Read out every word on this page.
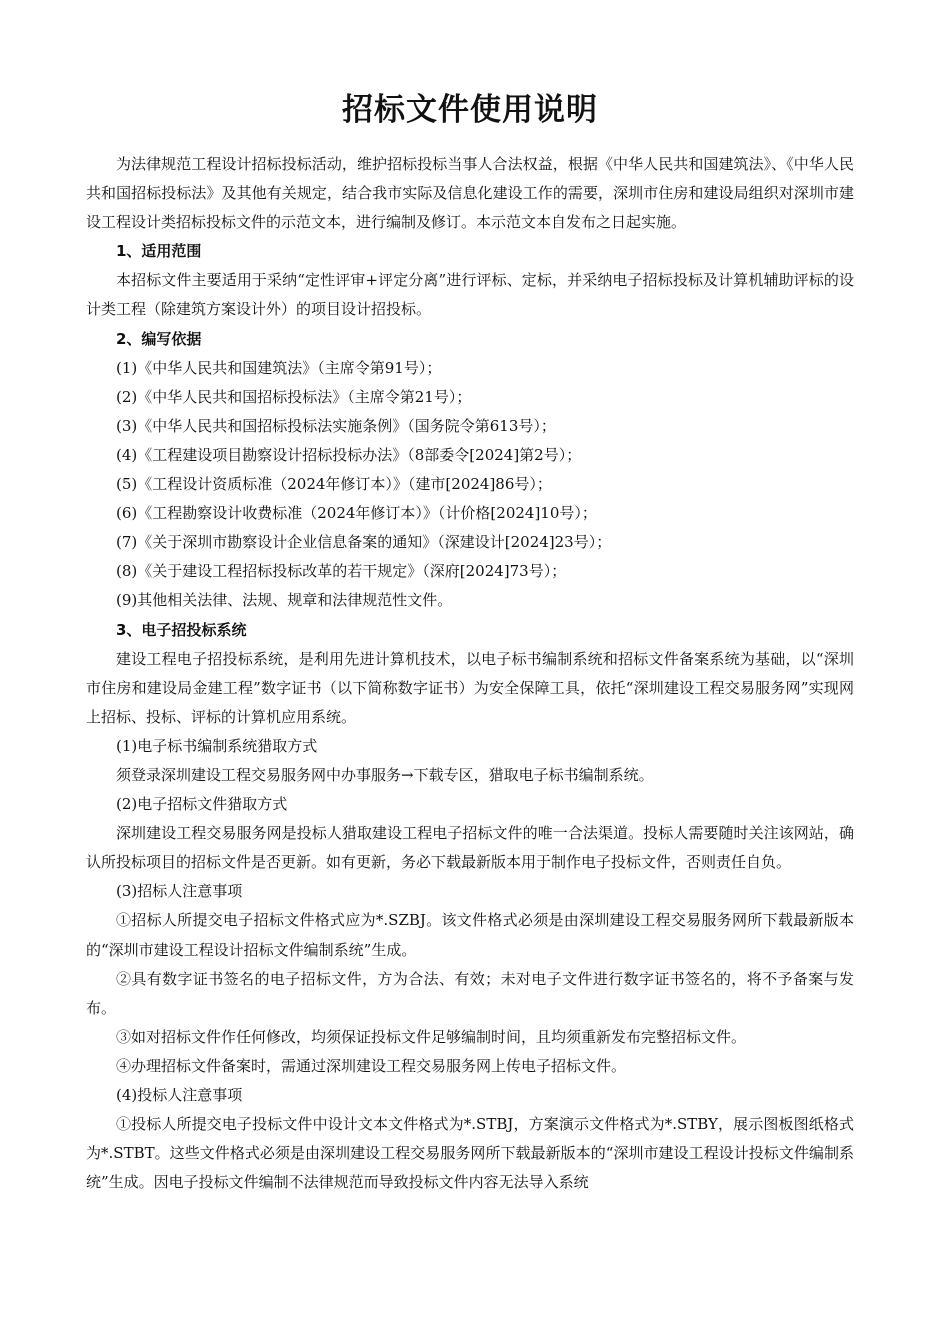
招标文件使用说明

为法律规范工程设计招标投标活动，维护招标投标当事人合法权益，根据《中华人民共和国建筑法》、《中华人民共和国招标投标法》及其他有关规定，结合我市实际及信息化建设工作的需要，深圳市住房和建设局组织对深圳市建设工程设计类招标投标文件的示范文本，进行编制及修订。本示范文本自发布之日起实施。

1、适用范围

本招标文件主要适用于采纳“定性评审+评定分离”进行评标、定标，并采纳电子招标投标及计算机辅助评标的设计类工程（除建筑方案设计外）的项目设计招投标。

2、编写依据

(1)《中华人民共和国建筑法》（主席令第91号）；

(2)《中华人民共和国招标投标法》（主席令第21号）；

(3)《中华人民共和国招标投标法实施条例》（国务院令第613号）；

(4)《工程建设项目勘察设计招标投标办法》（8部委令[2024]第2号）；

(5)《工程设计资质标准（2024年修订本）》（建市[2024]86号）；

(6)《工程勘察设计收费标准（2024年修订本）》（计价格[2024]10号）；

(7)《关于深圳市勘察设计企业信息备案的通知》（深建设计[2024]23号）；

(8)《关于建设工程招标投标改革的若干规定》（深府[2024]73号）；

(9)其他相关法律、法规、规章和法律规范性文件。

3、电子招投标系统

建设工程电子招投标系统，是利用先进计算机技术，以电子标书编制系统和招标文件备案系统为基础，以“深圳市住房和建设局金建工程”数字证书（以下简称数字证书）为安全保障工具，依托“深圳建设工程交易服务网”实现网上招标、投标、评标的计算机应用系统。

(1)电子标书编制系统猎取方式

须登录深圳建设工程交易服务网中办事服务→下载专区，猎取电子标书编制系统。

(2)电子招标文件猎取方式

深圳建设工程交易服务网是投标人猎取建设工程电子招标文件的唯一合法渠道。投标人需要随时关注该网站，确认所投标项目的招标文件是否更新。如有更新，务必下载最新版本用于制作电子投标文件，否则责任自负。

(3)招标人注意事项

①招标人所提交电子招标文件格式应为*.SZBJ。该文件格式必须是由深圳建设工程交易服务网所下载最新版本的“深圳市建设工程设计招标文件编制系统”生成。

②具有数字证书签名的电子招标文件，方为合法、有效；未对电子文件进行数字证书签名的，将不予备案与发布。

③如对招标文件作任何修改，均须保证投标文件足够编制时间，且均须重新发布完整招标文件。

④办理招标文件备案时，需通过深圳建设工程交易服务网上传电子招标文件。

(4)投标人注意事项

①投标人所提交电子投标文件中设计文本文件格式为*.STBJ，方案演示文件格式为*.STBY，展示图板图纸格式为*.STBT。这些文件格式必须是由深圳建设工程交易服务网所下载最新版本的“深圳市建设工程设计投标文件编制系统”生成。因电子投标文件编制不法律规范而导致投标文件内容无法导入系统
